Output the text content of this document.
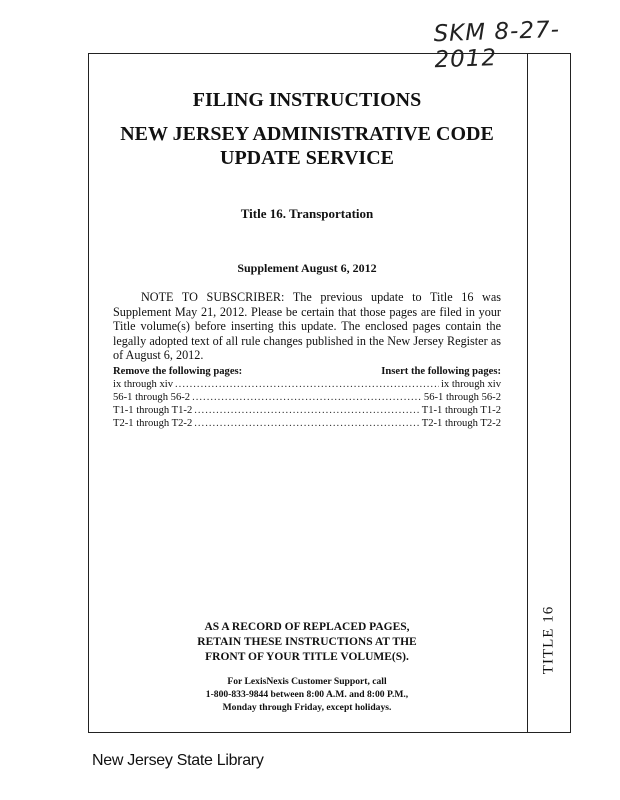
SKM 8-27-2012
TITLE 16
FILING INSTRUCTIONS
NEW JERSEY ADMINISTRATIVE CODE
UPDATE SERVICE
Title 16. Transportation
Supplement August 6, 2012
NOTE TO SUBSCRIBER: The previous update to Title 16 was Supplement May 21, 2012. Please be certain that those pages are filed in your Title volume(s) before inserting this update. The enclosed pages contain the legally adopted text of all rule changes published in the New Jersey Register as of August 6, 2012.
Remove the following pages:	Insert the following pages:
ix through xiv .....	ix through xiv
56-1 through 56-2 .....	56-1 through 56-2
T1-1 through T1-2 .....	T1-1 through T1-2
T2-1 through T2-2 .....	T2-1 through T2-2
AS A RECORD OF REPLACED PAGES,
RETAIN THESE INSTRUCTIONS AT THE
FRONT OF YOUR TITLE VOLUME(S).
For LexisNexis Customer Support, call
1-800-833-9844 between 8:00 A.M. and 8:00 P.M.,
Monday through Friday, except holidays.
New Jersey State Library
